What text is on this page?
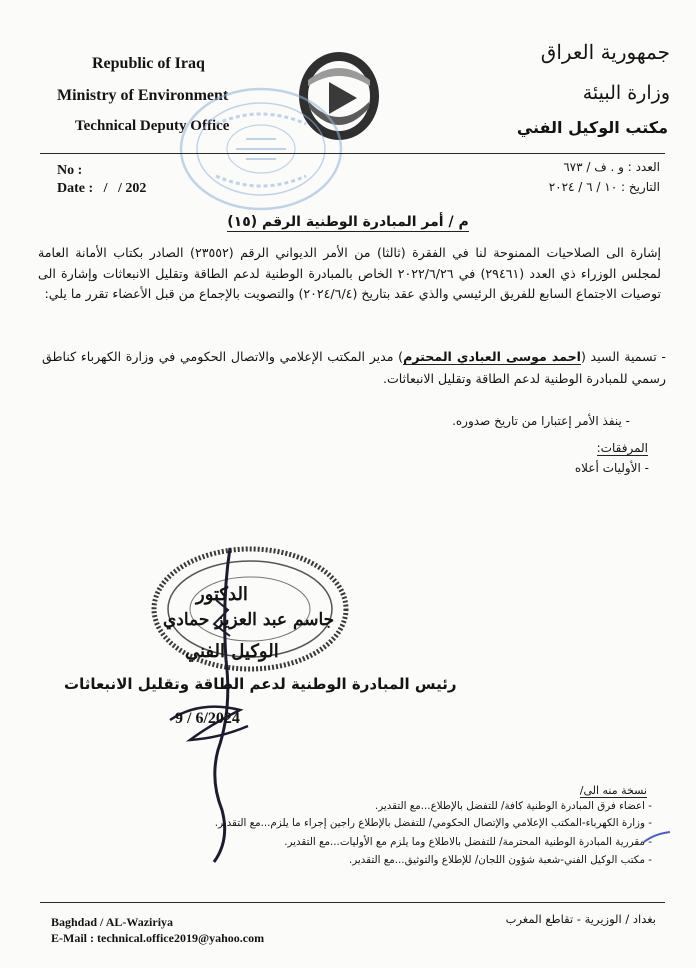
Republic of Iraq
Ministry of Environment
Technical Deputy Office
جمهورية العراق
وزارة البيئة
مكتب الوكيل الفني
No :
Date :   /   / 202
العدد : و . ف / ٦٧٣
التاريخ : ١٠ / ٦ / ٢٠٢٤
م / أمر المبادرة الوطنية الرقم (١٥)
إشارة الى الصلاحيات الممنوحة لنا في الفقرة (ثالثا) من الأمر الديواني الرقم (٢٣٥٥٢) الصادر بكتاب الأمانة العامة لمجلس الوزراء ذي العدد (٢٩٤٦١) في ٢٠٢٢/٦/٢٦ الخاص بالمبادرة الوطنية لدعم الطاقة وتقليل الانبعاثات وإشارة الى توصيات الاجتماع السابع للفريق الرئيسي والذي عقد بتاريخ (٢٠٢٤/٦/٤) والتصويت بالإجماع من قبل الأعضاء تقرر ما يلي:
- تسمية السيد (احمد موسى العبادي المحترم) مدير المكتب الإعلامي والاتصال الحكومي في وزارة الكهرباء كناطق رسمي للمبادرة الوطنية لدعم الطاقة وتقليل الانبعاثات.
- ينفذ الأمر إعتبارا من تاريخ صدوره.
المرفقات:
- الأوليات أعلاه
الدكتور
جاسم عبد العزيز حمادي
الوكيل الفني
رئيس المبادرة الوطنية لدعم الطاقة وتقليل الانبعاثات
9 / 6/2024
نسخة منه الى/
- اعضاء فرق المبادرة الوطنية كافة/ للتفضل بالإطلاع...مع التقدير.
- وزارة الكهرباء-المكتب الإعلامي والإتصال الحكومي/ للتفضل بالإطلاع راجين إجراء ما يلزم...مع التقدير.
- مقررية المبادرة الوطنية المحترمة/ للتفضل بالاطلاع وما يلزم مع الأوليات...مع التقدير.
- مكتب الوكيل الفني-شعبة شؤون اللجان/ للإطلاع والتوثيق...مع التقدير.
Baghdad / AL-Waziriya
E-Mail : technical.office2019@yahoo.com
بغداد / الوزيرية - تقاطع المغرب
